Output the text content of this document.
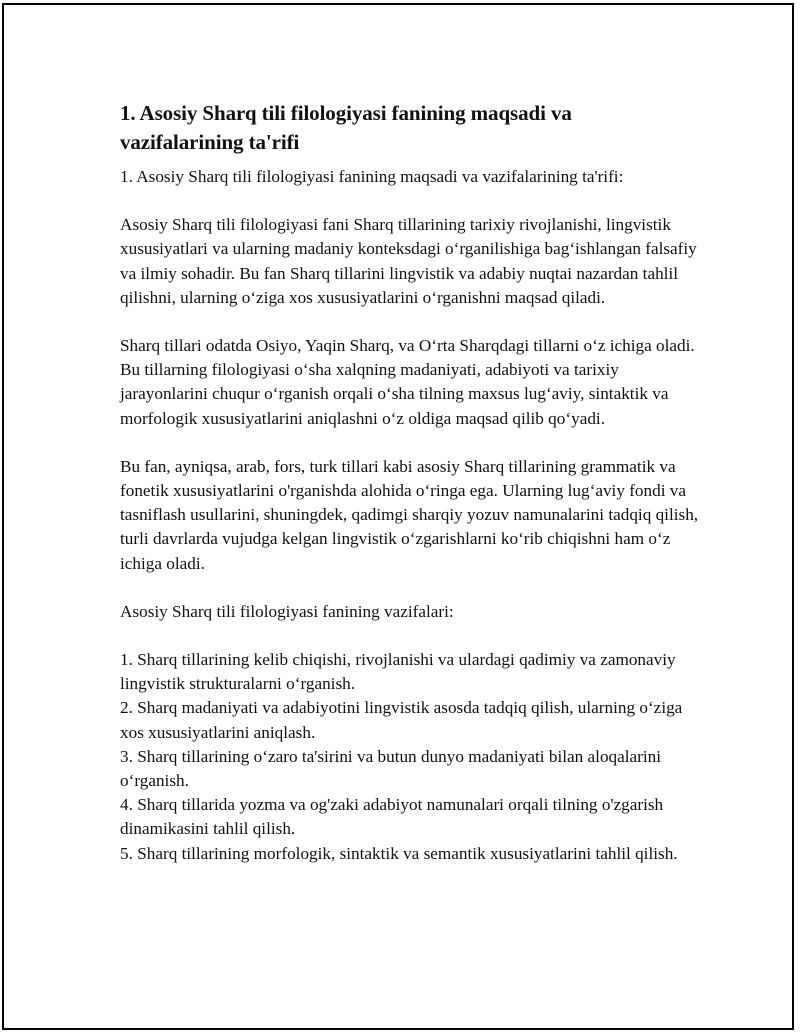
1. Asosiy Sharq tili filologiyasi fanining maqsadi va vazifalarining ta'rifi

1. Asosiy Sharq tili filologiyasi fanining maqsadi va vazifalarining ta'rifi:

Asosiy Sharq tili filologiyasi fani Sharq tillarining tarixiy rivojlanishi, lingvistik xususiyatlari va ularning madaniy konteksdagi o‘rganilishiga bag‘ishlangan falsafiy va ilmiy sohadir. Bu fan Sharq tillarini lingvistik va adabiy nuqtai nazardan tahlil qilishni, ularning o‘ziga xos xususiyatlarini o‘rganishni maqsad qiladi.

Sharq tillari odatda Osiyo, Yaqin Sharq, va O‘rta Sharqdagi tillarni o‘z ichiga oladi. Bu tillarning filologiyasi o‘sha xalqning madaniyati, adabiyoti va tarixiy jarayonlarini chuqur o‘rganish orqali o‘sha tilning maxsus lug‘aviy, sintaktik va morfologik xususiyatlarini aniqlashni o‘z oldiga maqsad qilib qo‘yadi.

Bu fan, ayniqsa, arab, fors, turk tillari kabi asosiy Sharq tillarining grammatik va fonetik xususiyatlarini o'rganishda alohida o‘ringa ega. Ularning lug‘aviy fondi va tasniflash usullarini, shuningdek, qadimgi sharqiy yozuv namunalarini tadqiq qilish, turli davrlarda vujudga kelgan lingvistik o‘zgarishlarni ko‘rib chiqishni ham o‘z ichiga oladi.

Asosiy Sharq tili filologiyasi fanining vazifalari:

1. Sharq tillarining kelib chiqishi, rivojlanishi va ulardagi qadimiy va zamonaviy lingvistik strukturalarni o‘rganish.
2. Sharq madaniyati va adabiyotini lingvistik asosda tadqiq qilish, ularning o‘ziga xos xususiyatlarini aniqlash.
3. Sharq tillarining o‘zaro ta'sirini va butun dunyo madaniyati bilan aloqalarini o‘rganish.
4. Sharq tillarida yozma va og'zaki adabiyot namunalari orqali tilning o'zgarish dinamikasini tahlil qilish.
5. Sharq tillarining morfologik, sintaktik va semantik xususiyatlarini tahlil qilish.
